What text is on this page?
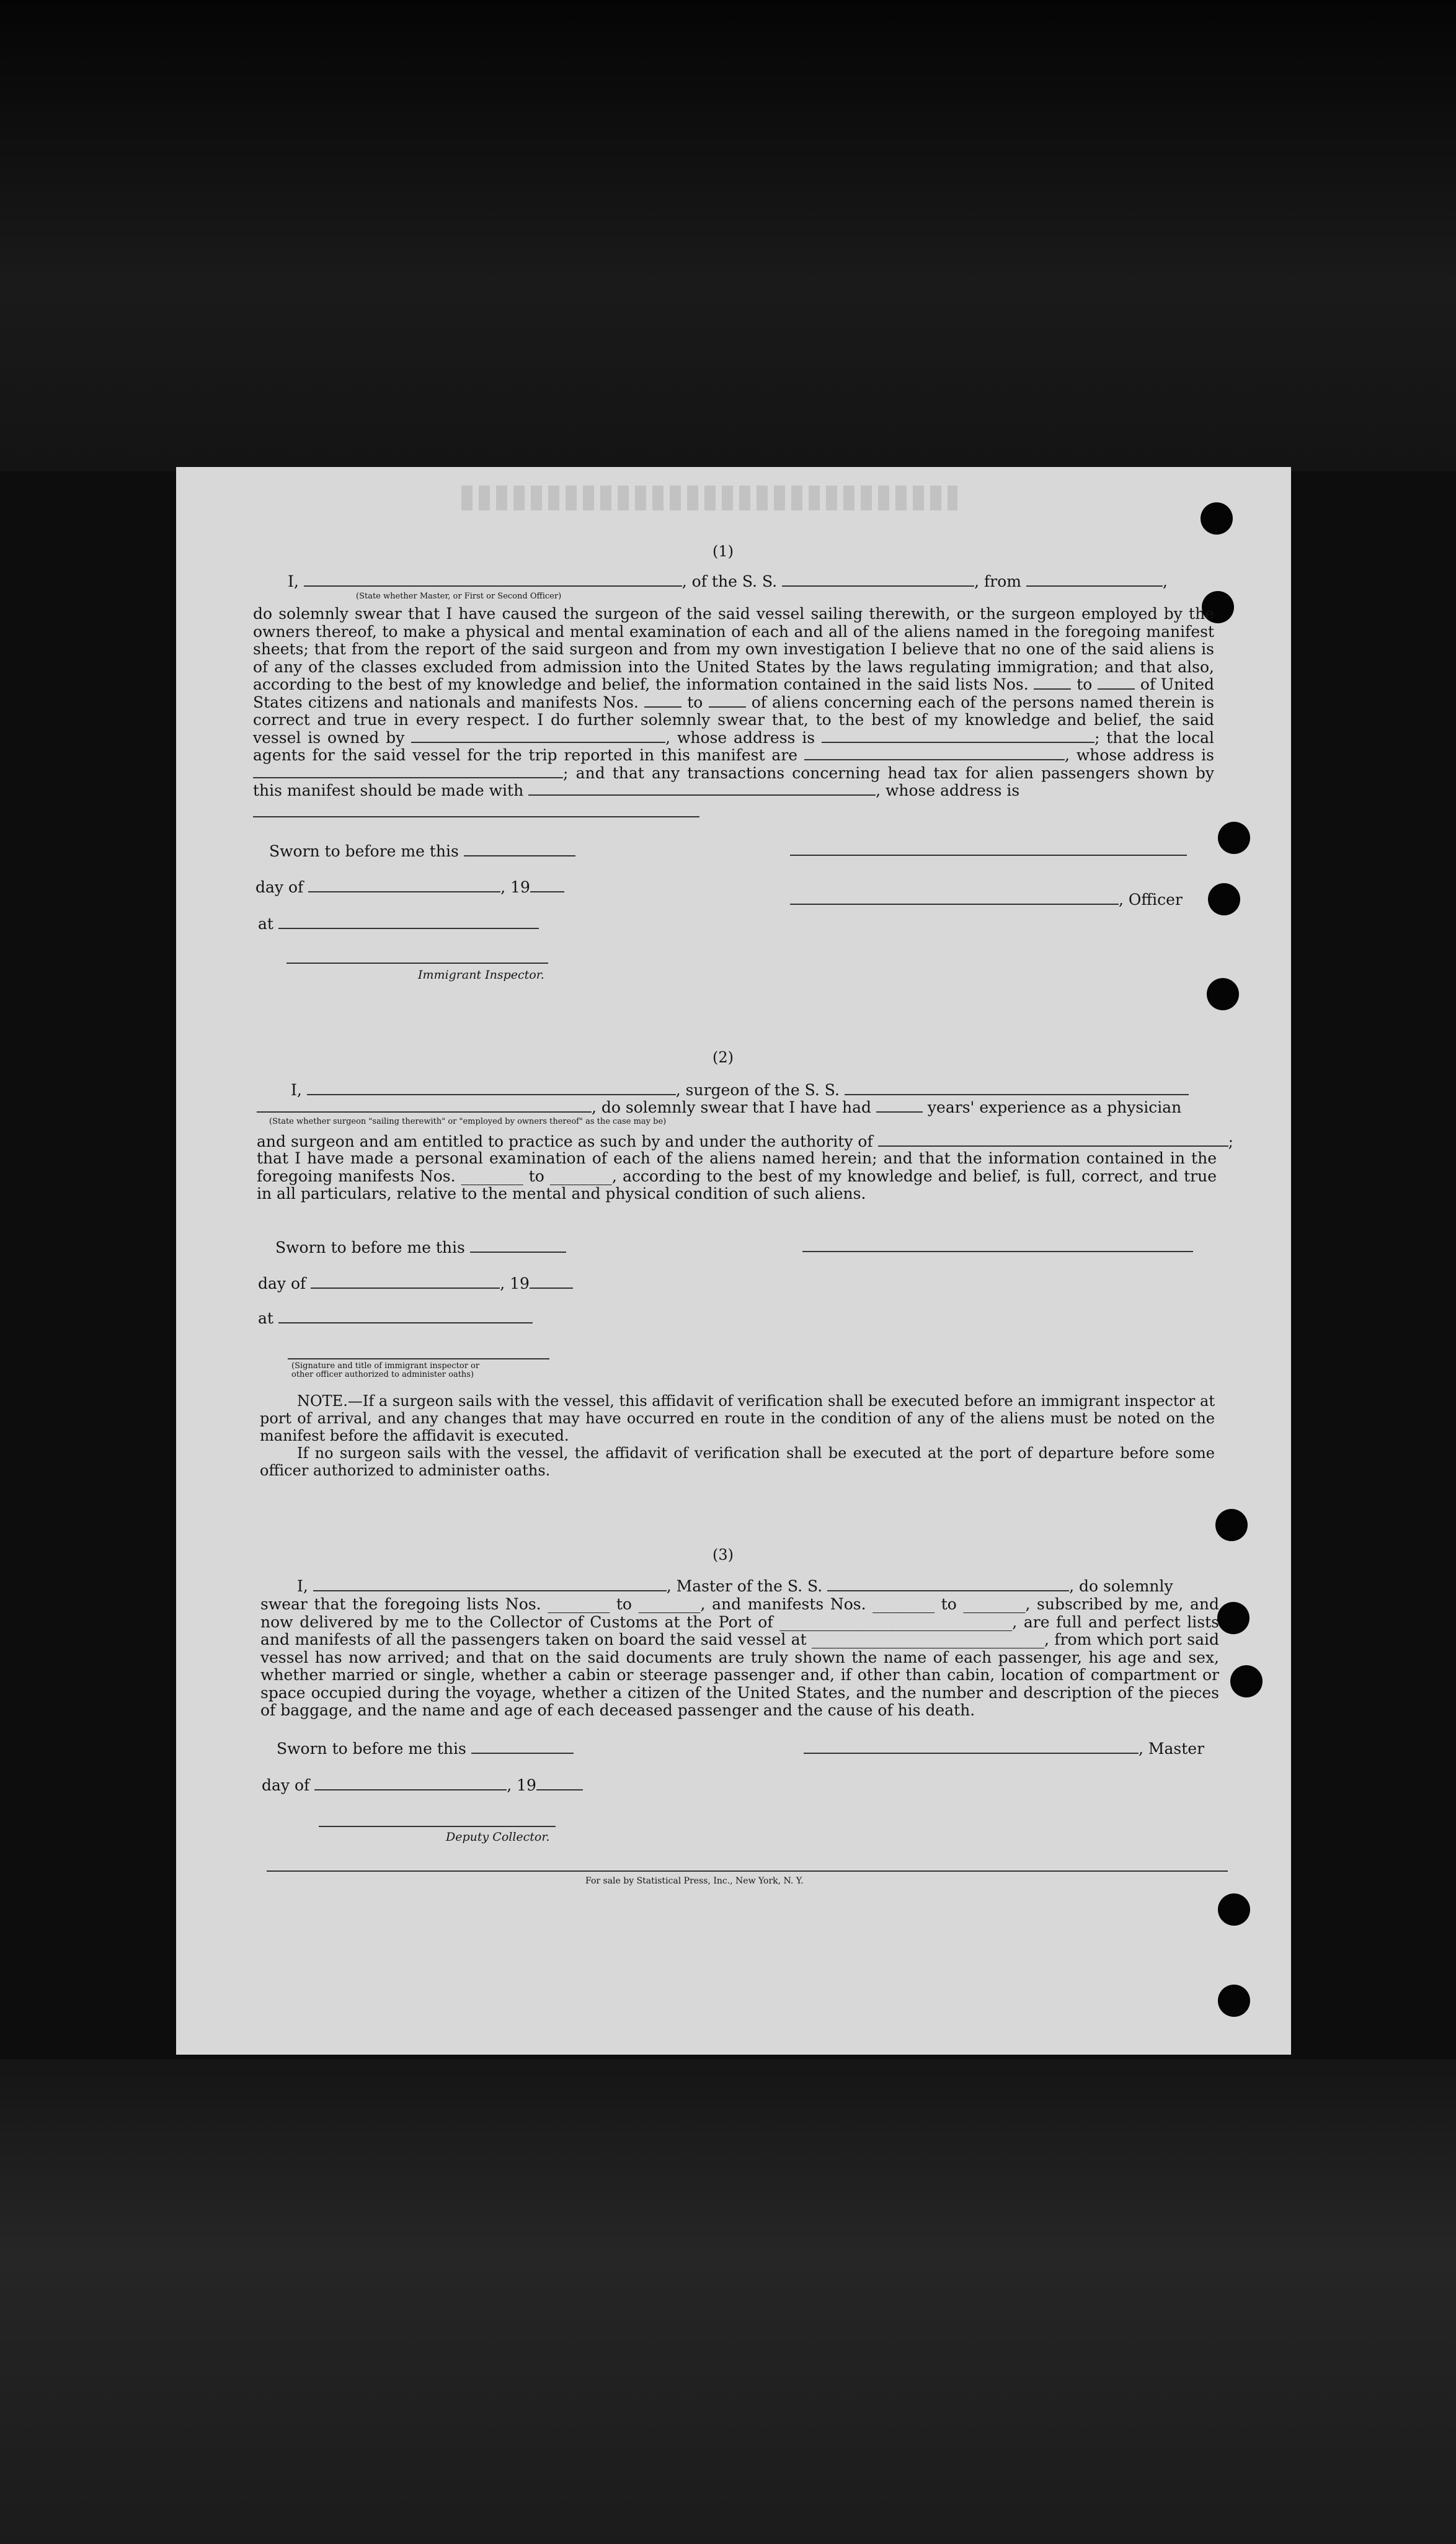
(1)
I,	, of the S. S.	, from	,
(State whether Master, or First or Second Officer)
do solemnly swear that I have caused the surgeon of the said vessel sailing therewith, or the surgeon employed by the owners thereof, to make a physical and mental examination of each and all of the aliens named in the foregoing manifest sheets; that from the report of the said surgeon and from my own investigation I believe that no one of the said aliens is of any of the classes excluded from admission into the United States by the laws regulating immigration; and that also, according to the best of my knowledge and belief, the information contained in the said lists Nos.	to	of United States citizens and nationals and manifests Nos.	to	of aliens concerning each of the persons named therein is correct and true in every respect. I do further solemnly swear that, to the best of my knowledge and belief, the said vessel is owned by	, whose address is	; that the local agents for the said vessel for the trip reported in this manifest are	, whose address is ; and that any transactions concerning head tax for alien passengers shown by this manifest should be made with	, whose address is
Sworn to before me this
day of	, 19
, Officer
at
Immigrant Inspector.
(2)
I,	, surgeon of the S. S.
, do solemnly swear that I have had	years' experience as a physician
(State whether surgeon "sailing therewith" or "employed by owners thereof" as the case may be)
and surgeon and am entitled to practice as such by and under the authority of	;
that I have made a personal examination of each of the aliens named herein; and that the information contained in the foregoing manifests Nos. ________ to ________, according to the best of my knowledge and belief, is full, correct, and true in all particulars, relative to the mental and physical condition of such aliens.
Sworn to before me this
day of	, 19
at
(Signature and title of immigrant inspector or
other officer authorized to administer oaths)

NOTE.—If a surgeon sails with the vessel, this affidavit of verification shall be executed before an immigrant inspector at port of arrival, and any changes that may have occurred en route in the condition of any of the aliens must be noted on the manifest before the affidavit is executed.

If no surgeon sails with the vessel, the affidavit of verification shall be executed at the port of departure before some officer authorized to administer oaths.

(3)
I,	, Master of the S. S.	, do solemnly
swear that the foregoing lists Nos. ________ to ________, and manifests Nos. ________ to ________, subscribed by me, and now delivered by me to the Collector of Customs at the Port of ______________________________, are full and perfect lists and manifests of all the passengers taken on board the said vessel at ______________________________, from which port said vessel has now arrived; and that on the said documents are truly shown the name of each passenger, his age and sex, whether married or single, whether a cabin or steerage passenger and, if other than cabin, location of compartment or space occupied during the voyage, whether a citizen of the United States, and the number and description of the pieces of baggage, and the name and age of each deceased passenger and the cause of his death.
Sworn to before me this	, Master
day of	, 19
Deputy Collector.
For sale by Statistical Press, Inc., New York, N. Y.
